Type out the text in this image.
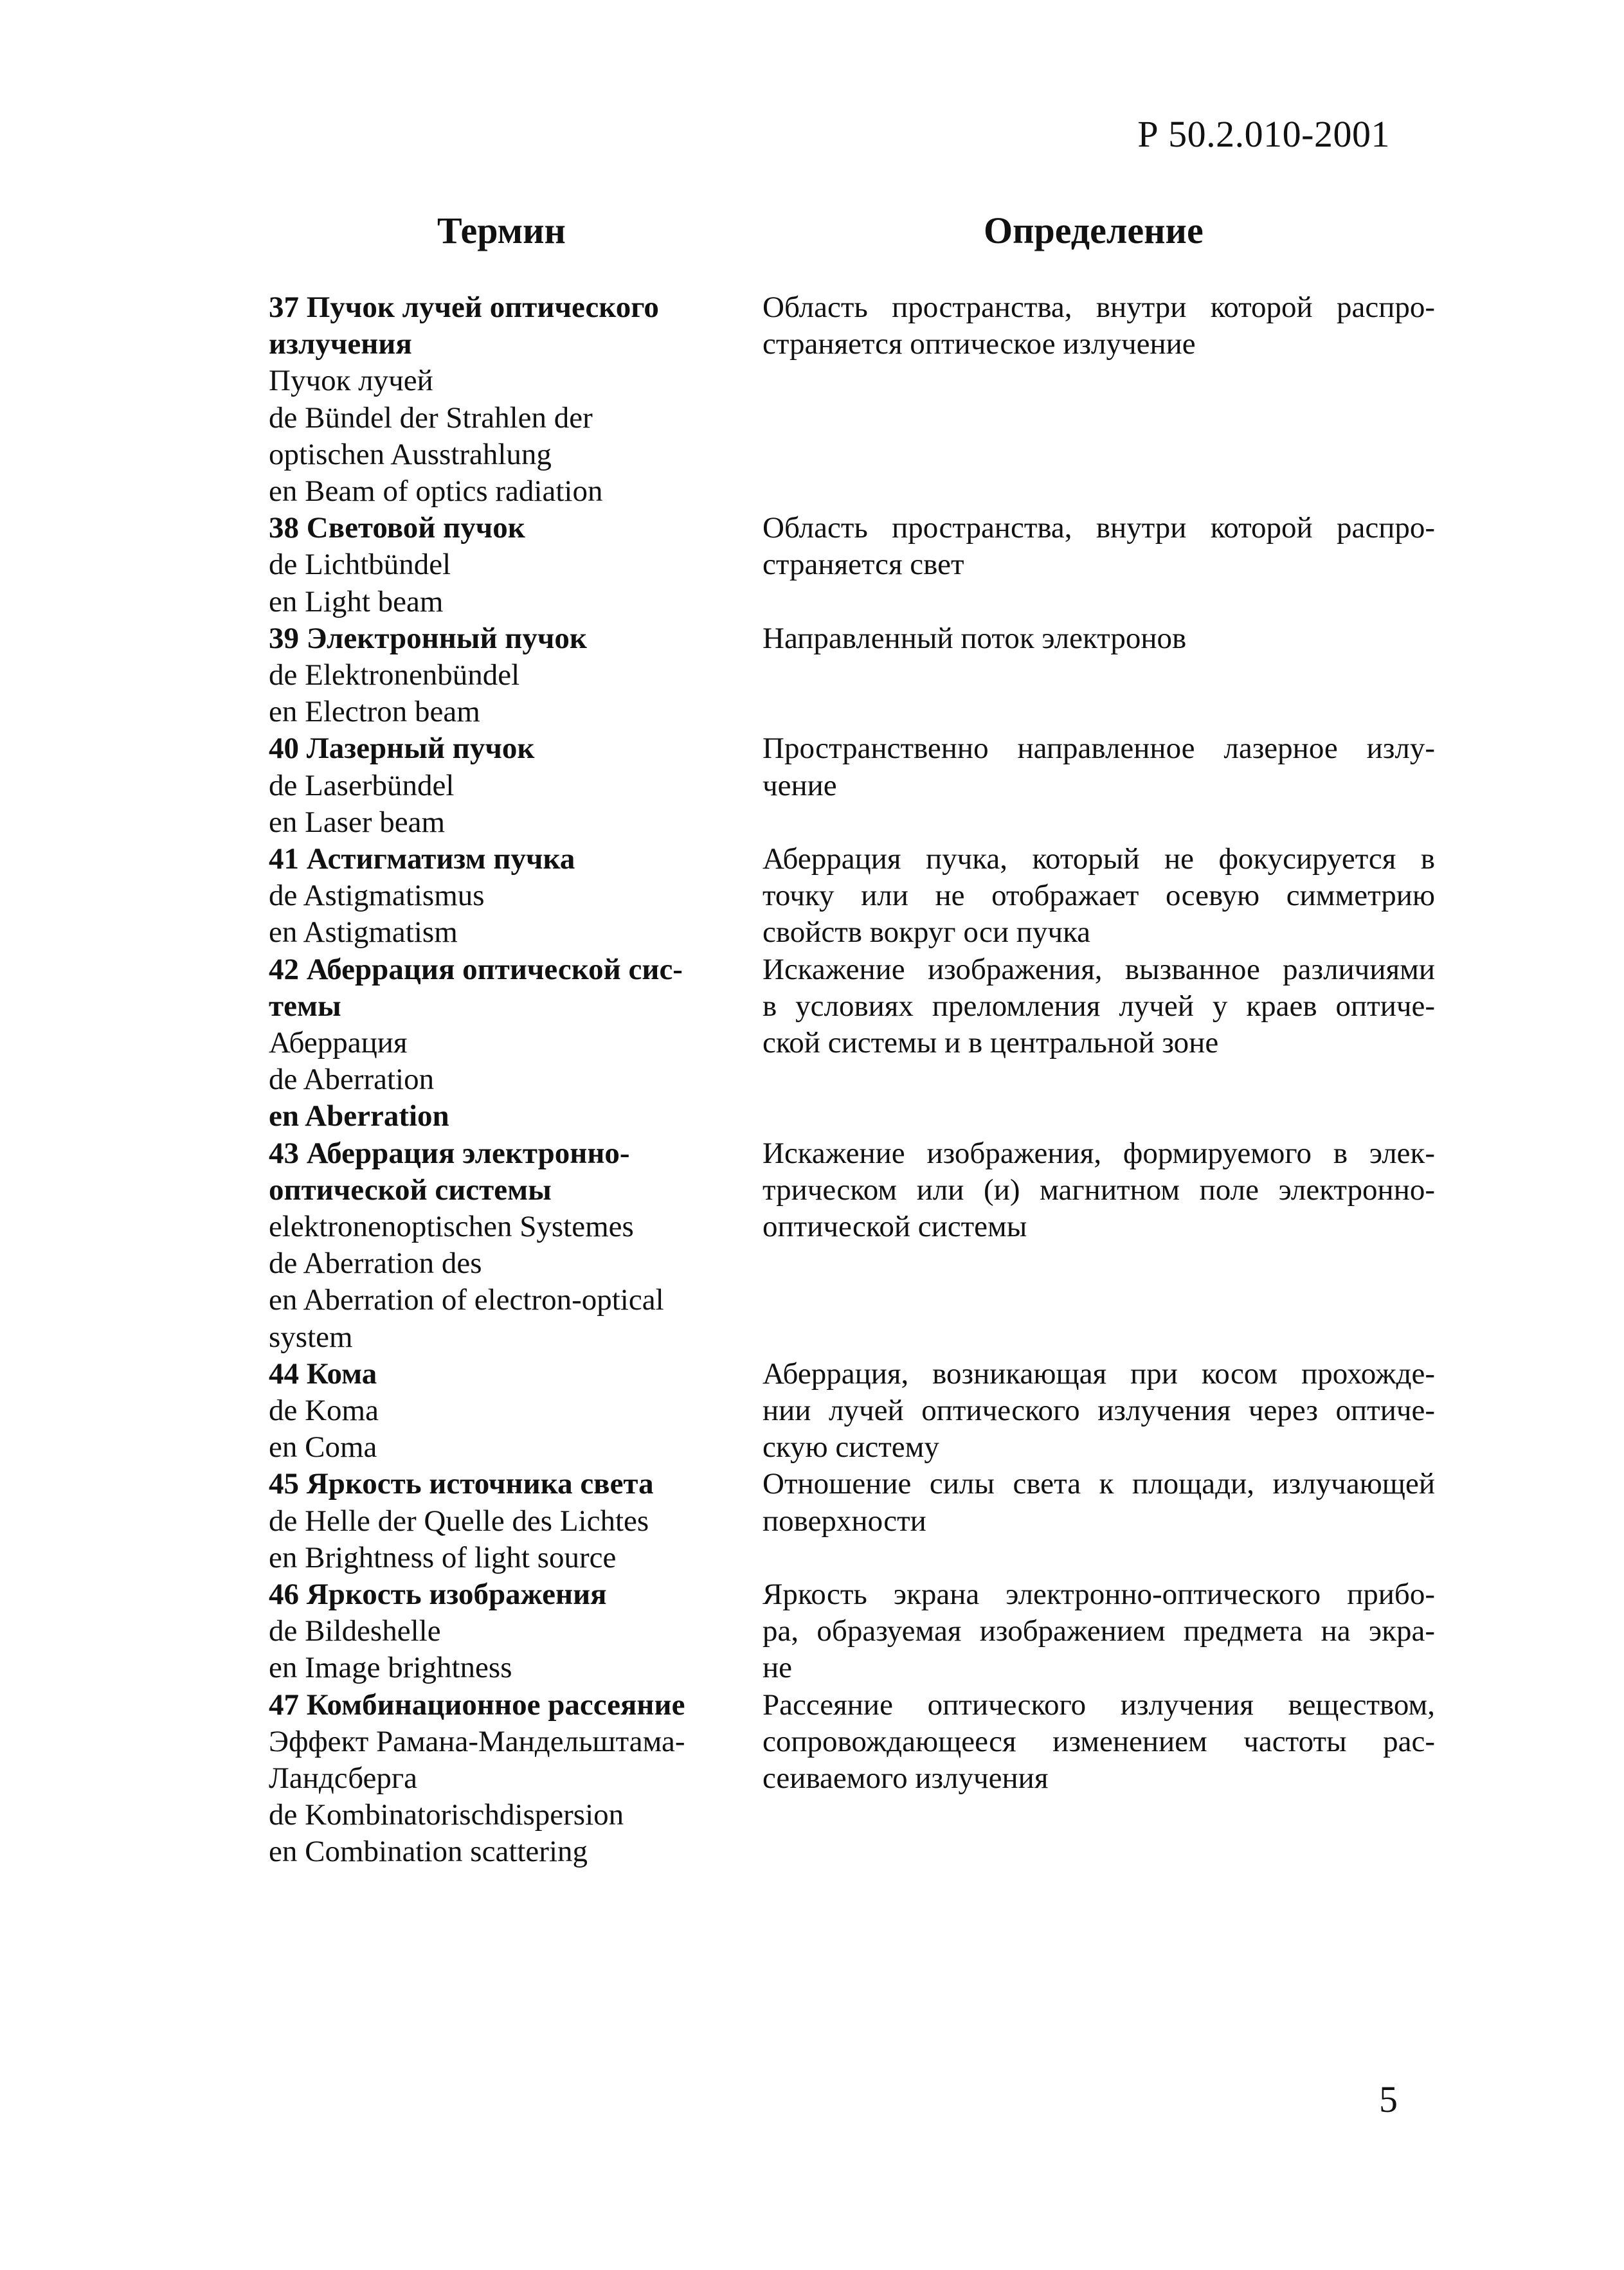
Р 50.2.010-2001
Термин	Определение
37 Пучок лучей оптического
излучения
Пучок лучей
de Bündel der Strahlen der
optischen Ausstrahlung
en Beam of optics radiation
Область пространства, внутри которой распро-
страняется оптическое излучение
38 Световой пучок
de Lichtbündel
en Light beam
Область пространства, внутри которой распро-
страняется свет
39 Электронный пучок
de Elektronenbündel
en Electron beam
Направленный поток электронов
40 Лазерный пучок
de Laserbündel
en Laser beam
Пространственно направленное лазерное излу-
чение
41 Астигматизм пучка
de Astigmatismus
en Astigmatism
Аберрация пучка, который не фокусируется в
точку или не отображает осевую симметрию
свойств вокруг оси пучка
42 Аберрация оптической сис-
темы
Аберрация
de Aberration
en Aberration
Искажение изображения, вызванное различиями
в условиях преломления лучей у краев оптиче-
ской системы и в центральной зоне
43 Аберрация электронно-
оптической системы
elektronenoptischen Systemes
de Aberration des
en Aberration of electron-optical
system
Искажение изображения, формируемого в элек-
трическом или (и) магнитном поле электронно-
оптической системы
44 Кома
de Koma
en Coma
Аберрация, возникающая при косом прохожде-
нии лучей оптического излучения через оптиче-
скую систему
45 Яркость источника света
de Helle der Quelle des Lichtes
en Brightness of light source
Отношение силы света к площади, излучающей
поверхности
46 Яркость изображения
de Bildeshelle
en Image brightness
Яркость экрана электронно-оптического прибо-
ра, образуемая изображением предмета на экра-
не
47 Комбинационное рассеяние
Эффект Рамана-Мандельштама-
Ландсберга
de Kombinatorischdispersion
en Combination scattering
Рассеяние оптического излучения веществом,
сопровождающееся изменением частоты рас-
сеиваемого излучения
5
